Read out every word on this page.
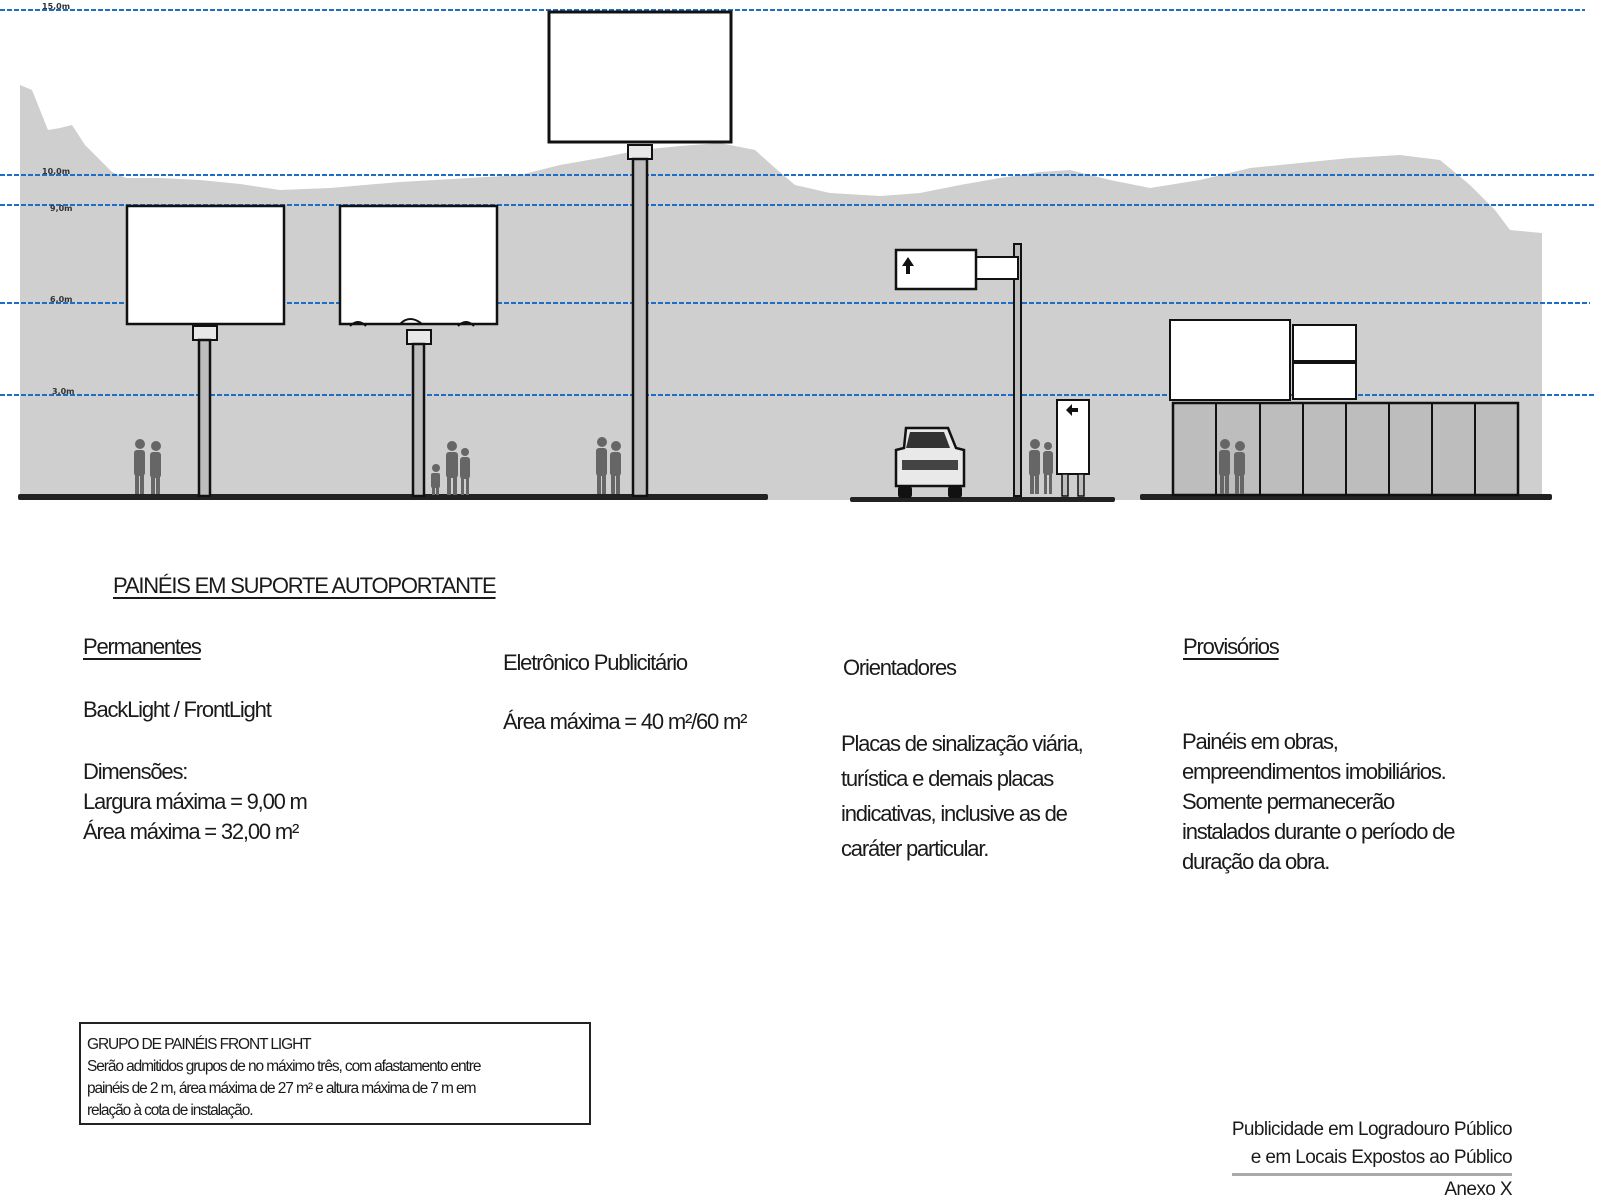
15,0m
10,0m
9,0m
6,0m
3,0m
PAINÉIS EM SUPORTE AUTOPORTANTE
Permanentes
BackLight / FrontLight
Dimensões:
Largura máxima = 9,00 m
Área máxima = 32,00 m²
Eletrônico Publicitário
Área máxima = 40 m²/60 m²
Orientadores
Placas de sinalização viária,
turística e demais placas
indicativas, inclusive as de
caráter particular.
Provisórios
Painéis em obras,
empreendimentos imobiliários.
Somente permanecerão
instalados durante o período de
duração da obra.
GRUPO DE PAINÉIS FRONT LIGHT
Serão admitidos grupos de no máximo três, com afastamento entre
painéis de 2 m, área máxima de 27 m² e altura máxima de 7 m em
relação à cota de instalação.
Publicidade em Logradouro Público
e em Locais Expostos ao Público
Anexo X
